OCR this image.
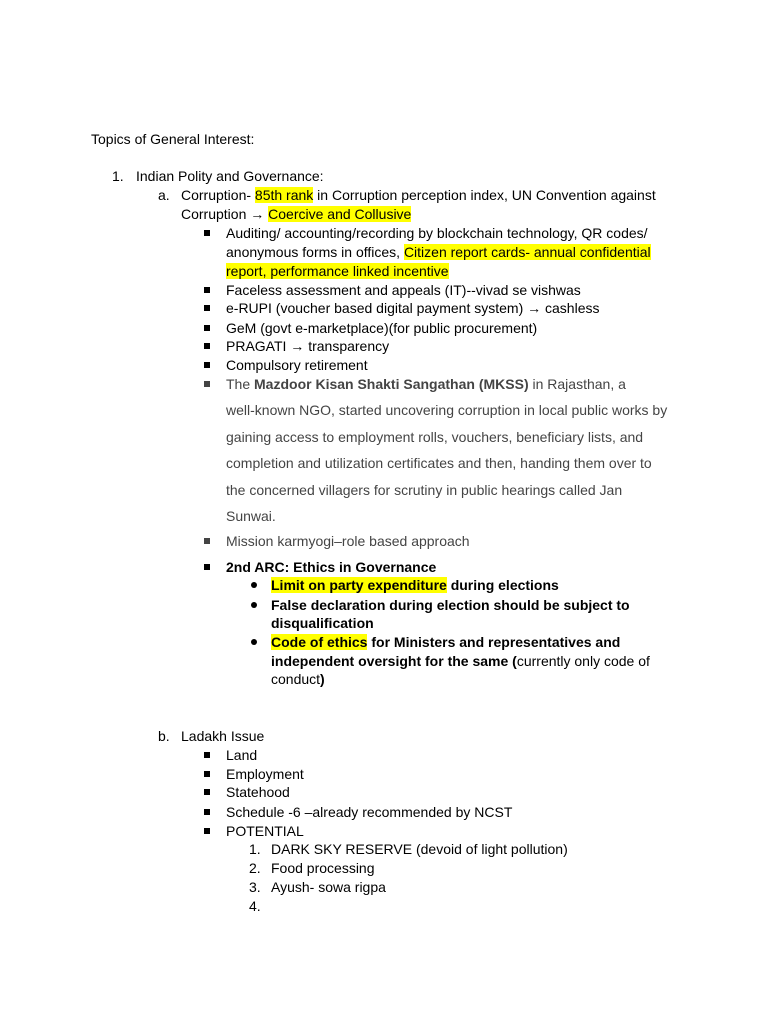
Topics of General Interest:
1. Indian Polity and Governance:
a. Corruption- 85th rank in Corruption perception index, UN Convention against
Corruption → Coercive and Collusive
Auditing/ accounting/recording by blockchain technology, QR codes/
anonymous forms in offices, Citizen report cards- annual confidential
report, performance linked incentive
Faceless assessment and appeals (IT)--vivad se vishwas
e-RUPI (voucher based digital payment system) → cashless
GeM (govt e-marketplace)(for public procurement)
PRAGATI → transparency
Compulsory retirement
The Mazdoor Kisan Shakti Sangathan (MKSS) in Rajasthan, a
well-known NGO, started uncovering corruption in local public works by
gaining access to employment rolls, vouchers, beneficiary lists, and
completion and utilization certificates and then, handing them over to
the concerned villagers for scrutiny in public hearings called Jan
Sunwai.
Mission karmyogi–role based approach
2nd ARC: Ethics in Governance
Limit on party expenditure during elections
False declaration during election should be subject to
disqualification
Code of ethics for Ministers and representatives and
independent oversight for the same (currently only code of
conduct)
b. Ladakh Issue
Land
Employment
Statehood
Schedule -6 –already recommended by NCST
POTENTIAL
1. DARK SKY RESERVE (devoid of light pollution)
2. Food processing
3. Ayush- sowa rigpa
4.
